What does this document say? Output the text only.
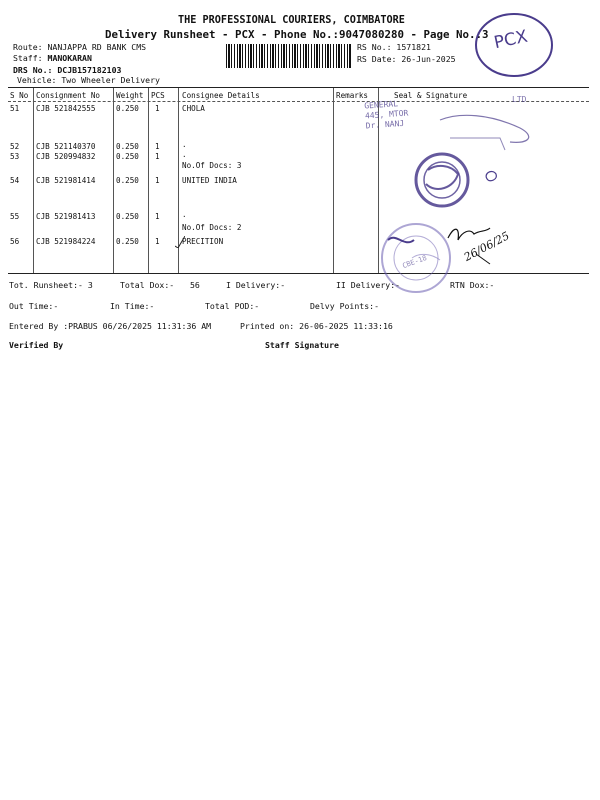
THE PROFESSIONAL COURIERS, COIMBATORE
Delivery Runsheet - PCX - Phone No.:9047080280 - Page No.:3
Route: NANJAPPA RD BANK CMS
Staff: MANOKARAN
DRS No.: DCJB157182103
Vehicle: Two Wheeler Delivery
RS No.: 1571821
RS Date: 26-Jun-2025
PCX
S No Consignment No Weight PCS Consignee Details	Remarks	Seal & Signature
51 CJB 521842555	0.250 1	CHOLA
52 CJB 521140370	0.250 1	.
53 CJB 520994832	0.250 1	.
No.Of Docs: 3
54 CJB 521981414	0.250 1	UNITED INDIA
55 CJB 521981413	0.250 1	.
No.Of Docs: 2
56 CJB 521984224	0.250 1	PRECITION
GENERAL
445, MTOR
Dr. NANJ
LTD
26/06/25
CBE-18
Tot. Runsheet:- 3	Total Dox:- 56	I Delivery:-	II Delivery:-	RTN Dox:-
Out Time:-	In Time:-	Total POD:-	Delvy Points:-
Entered By :PRABUS 06/26/2025 11:31:36 AM	Printed on: 26-06-2025 11:33:16
Verified By	Staff Signature
